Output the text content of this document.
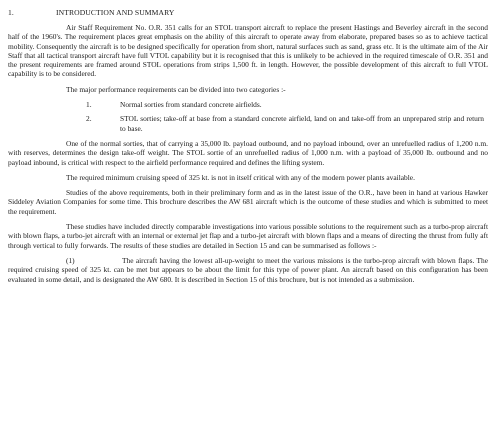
1.	INTRODUCTION AND SUMMARY

Air Staff Requirement No. O.R. 351 calls for an STOL transport aircraft to replace the present Hastings and Beverley aircraft in the second half of the 1960's. The requirement places great emphasis on the ability of this aircraft to operate away from elaborate, prepared bases so as to achieve tactical mobility. Consequently the aircraft is to be designed specifically for operation from short, natural surfaces such as sand, grass etc. It is the ultimate aim of the Air Staff that all tactical transport aircraft have full VTOL capability but it is recognised that this is unlikely to be achieved in the required timescale of O.R. 351 and the present requirements are framed around STOL operations from strips 1,500 ft. in length. However, the possible development of this aircraft to full VTOL capability is to be considered.

The major performance requirements can be divided into two categories :-

1.	Normal sorties from standard concrete airfields.
2.	STOL sorties; take-off at base from a standard concrete airfield, land on and take-off from an unprepared strip and return to base.

One of the normal sorties, that of carrying a 35,000 lb. payload outbound, and no payload inbound, over an unrefuelled radius of 1,200 n.m. with reserves, determines the design take-off weight. The STOL sortie of an unrefuelled radius of 1,000 n.m. with a payload of 35,000 lb. outbound and no payload inbound, is critical with respect to the airfield performance required and defines the lifting system.

The required minimum cruising speed of 325 kt. is not in itself critical with any of the modern power plants available.

Studies of the above requirements, both in their preliminary form and as in the latest issue of the O.R., have been in hand at various Hawker Siddeley Aviation Companies for some time. This brochure describes the AW 681 aircraft which is the outcome of these studies and which is submitted to meet the requirement.

These studies have included directly comparable investigations into various possible solutions to the requirement such as a turbo-prop aircraft with blown flaps, a turbo-jet aircraft with an internal or external jet flap and a turbo-jet aircraft with blown flaps and a means of directing the thrust from fully aft through vertical to fully forwards. The results of these studies are detailed in Section 15 and can be summarised as follows :-

(1)	The aircraft having the lowest all-up-weight to meet the various missions is the turbo-prop aircraft with blown flaps. The required cruising speed of 325 kt. can be met but appears to be about the limit for this type of power plant. An aircraft based on this configuration has been evaluated in some detail, and is designated the AW 680. It is described in Section 15 of this brochure, but is not intended as a submission.
